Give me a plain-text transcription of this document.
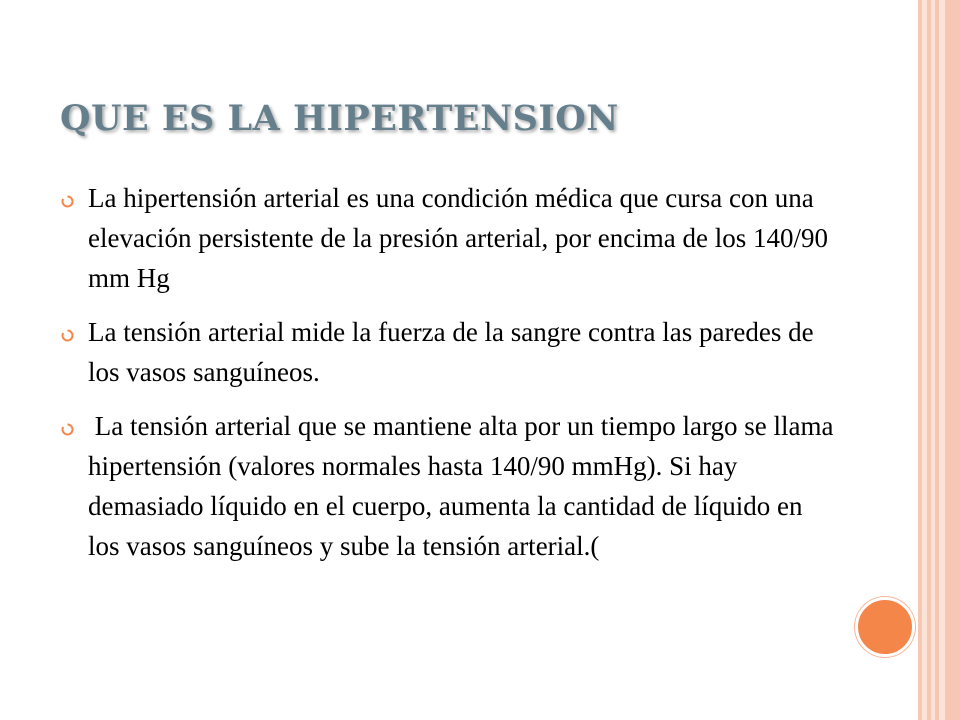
QUE ES LA HIPERTENSION
La hipertensión arterial es una condición médica que cursa con una elevación persistente de la presión arterial, por encima de los 140/90 mm Hg
La tensión arterial mide la fuerza de la sangre contra las paredes de los vasos sanguíneos.
La tensión arterial que se mantiene alta por un tiempo largo se llama hipertensión (valores normales hasta 140/90 mmHg). Si hay demasiado líquido en el cuerpo, aumenta la cantidad de líquido en los vasos sanguíneos y sube la tensión arterial.(
